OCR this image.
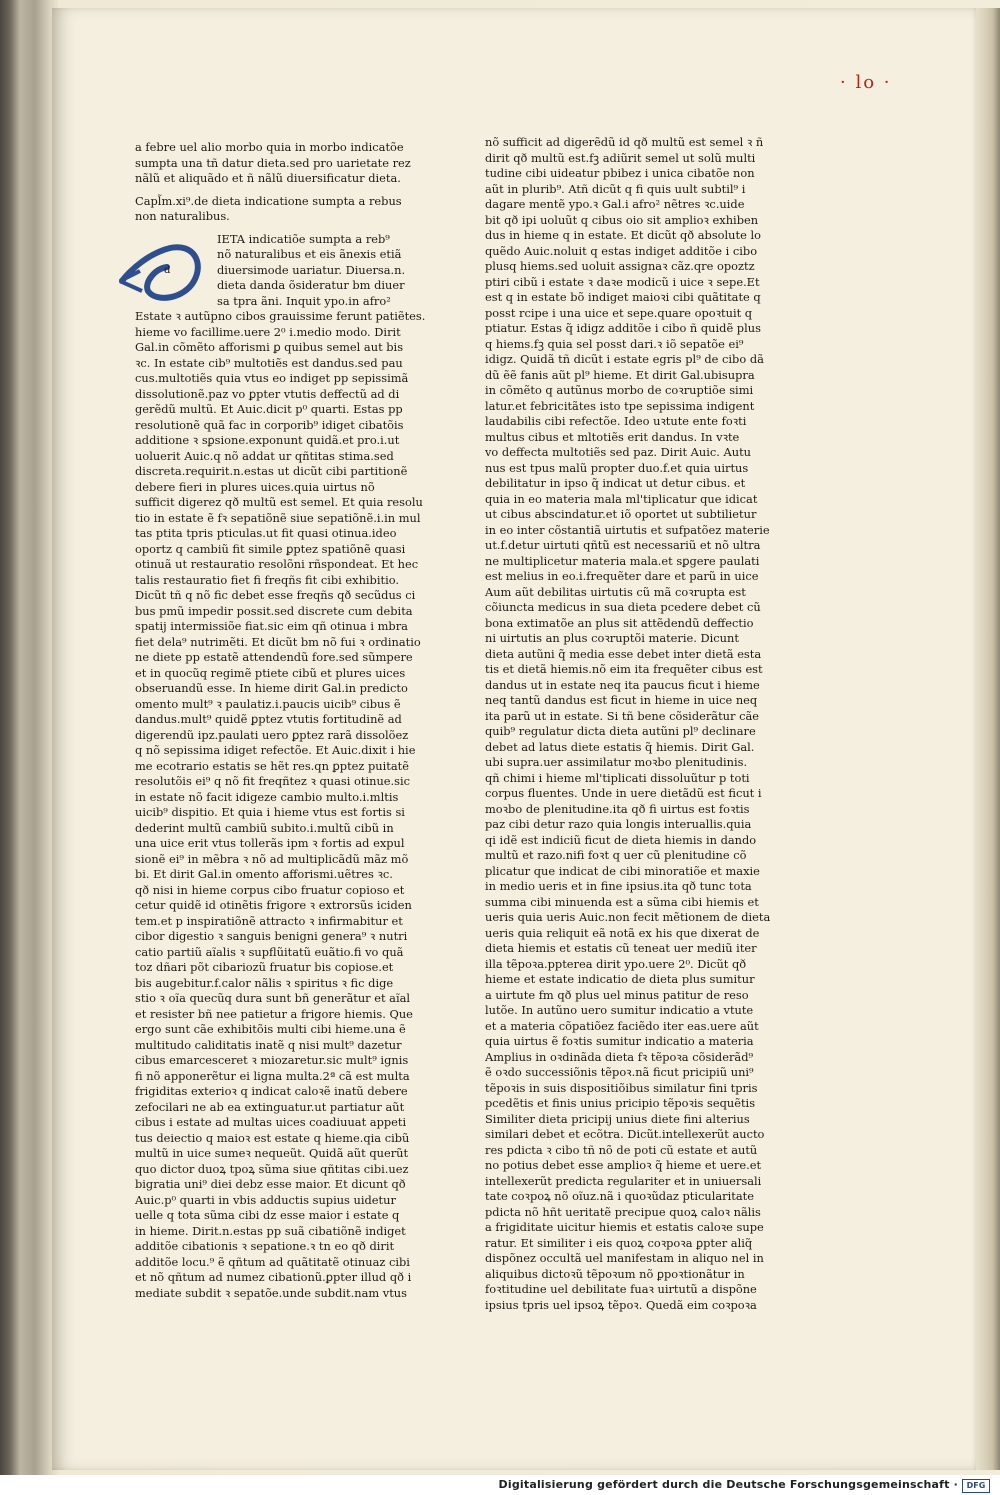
· lo ·
a febre uel alio morbo quia in morbo indicatõe
sumpta una tñ datur dieta.sed pro uarietate rez
nãlũ et aliquãdo et ñ nãlũ diuersificatur dieta.
Capl̃m.xi⁹.de dieta indicatione sumpta a rebus
non naturalibus.
IETA indicatiõe sumpta a reb⁹
nõ naturalibus et eis ãnexis etiã
diuersimode uariatur. Diuersa.n.
dieta danda õsideratur bm diuer
sa tpra ãni. Inquit ypo.in afro²
Estate ꝛ autũpno cibos grauissime ferunt patiẽtes.
hieme vo facillime.uere 2⁰ i.medio modo. Dirit
Gal.in cõmẽto afforismi ꝑ quibus semel aut bis
ꝛc. In estate cib⁹ multotiẽs est dandus.sed pau
cus.multotiẽs quia vtus eo indiget pp sepissimã
dissolutionẽ.paz vo ꝑpter vtutis deffectũ ad di
gerẽdũ multũ. Et Auic.dicit p⁰ quarti. Estas pp
resolutionẽ quã fac in corporib⁹ idiget cibatõis
additione ꝛ sꝑsione.exponunt quidã.et pro.i.ut
uoluerit Auic.q nõ addat ur qñtitas stima.sed
discreta.requirit.n.estas ut dicũt cibi partitionẽ
debere fieri in plures uices.quia uirtus nõ
sufficit digerez qð multũ est semel. Et quia resolu
tio in estate ẽ fꝛ sepatiõnẽ siue sepatiõnẽ.i.in mul
tas ptita tpris pticulas.ut fit quasi otinua.ideo
oportz q cambiũ fit simile ꝑptez spatiõnẽ quasi
otinuã ut restauratio resolõni rñspondeat. Et hec
talis restauratio fiet fi freqñs fit cibi exhibitio.
Dicũt tñ q nõ fic debet esse freqñs qð secũdus ci
bus pmũ impedir possit.sed discrete cum debita
spatij intermissiõe fiat.sic eim qñ otinua i mbra
fiet dela⁹ nutrimẽti. Et dicũt bm nõ fui ꝛ ordinatio
ne diete pp estatẽ attendendũ fore.sed sũmpere
et in quocũq regimẽ ptiete cibũ et plures uices
obseruandũ esse. In hieme dirit Gal.in predicto
omento mult⁹ ꝛ paulatiz.i.paucis uicib⁹ cibus ẽ
dandus.mult⁹ quidẽ ꝑptez vtutis fortitudinẽ ad
digerendũ ipz.paulati uero ꝑptez rarã dissolõez
q nõ sepissima idiget refectõe. Et Auic.dixit i hie
me ecotrario estatis se hẽt res.qn ꝑptez puitatẽ
resolutõis ei⁹ q nõ fit freqñtez ꝛ quasi otinue.sic
in estate nõ facit idigeze cambio multo.i.mltis
uicib⁹ dispitio. Et quia i hieme vtus est fortis si
dederint multũ cambiũ subito.i.multũ cibũ in
una uice erit vtus tollerãs ipm ꝛ fortis ad expul
sionẽ ei⁹ in mẽbra ꝛ nõ ad multiplicãdũ mãz mõ
bi. Et dirit Gal.in omento afforismi.uẽtres ꝛc.
qð nisi in hieme corpus cibo fruatur copioso et
cetur quidẽ id otinẽtis frigore ꝛ extrorsũs iciden
tem.et p inspiratiõnẽ attracto ꝛ infirmabitur et
cibor digestio ꝛ sanguis benigni genera⁹ ꝛ nutri
catio partiũ aĩalis ꝛ supflũitatũ euãtio.fi vo quã
toz dñari põt cibariozũ fruatur bis copiose.et
bis augebitur.f.calor nãlis ꝛ spiritus ꝛ fic dige
stio ꝛ oĩa quecũq dura sunt bñ generãtur et aĩal
et resister bñ nee patietur a frigore hiemis. Que
ergo sunt cãe exhibitõis multi cibi hieme.una ẽ
multitudo caliditatis inatẽ q nisi mult⁹ dazetur
cibus emarcesceret ꝛ miozaretur.sic mult⁹ ignis
fi nõ apponerẽtur ei ligna multa.2ª cã est multa
frigiditas exterioꝛ q indicat caloꝛẽ inatũ debere
zefocilari ne ab ea extinguatur.ut partiatur aũt
cibus i estate ad multas uices coadiuuat appeti
tus deiectio q maioꝛ est estate q hieme.qia cibũ
multũ in uice sumeꝛ nequeũt. Quidã aũt querũt
quo dictor duoꝝ tpoꝝ sũma siue qñtitas cibi.uez
bigratia uni⁹ diei debz esse maior. Et dicunt qð
Auic.p⁰ quarti in vbis adductis supius uidetur
uelle q tota sũma cibi dz esse maior i estate q
in hieme. Dirit.n.estas pp suã cibatiõnẽ indiget
additõe cibationis ꝛ sepatione.ꝛ tn eo qð dirit
additõe locu.⁹ ẽ qñtum ad quãtitatẽ otinuaz cibi
et nõ qñtum ad numez cibationũ.ꝑpter illud qð i
mediate subdit ꝛ sepatõe.unde subdit.nam vtus
nõ sufficit ad digerẽdũ id qð multũ est semel ꝛ ñ
dirit qð multũ est.fꝫ adiũrit semel ut solũ multi
tudine cibi uideatur pbibez i unica cibatõe non
aũt in plurib⁹. Atñ dicũt q fi quis uult subtil⁹ i
dagare mentẽ ypo.ꝛ Gal.i afro² nẽtres ꝛc.uide
bit qð ipi uoluũt q cibus oio sit amplioꝛ exhiben
dus in hieme q in estate. Et dicũt qð absolute lo
quẽdo Auic.noluit q estas indiget additõe i cibo
plusq hiems.sed uoluit assignaꝛ cãz.qre opoztz
ptiri cibũ i estate ꝛ daꝛe modicũ i uice ꝛ sepe.Et
est q in estate bõ indiget maioꝛi cibi quãtitate q
posst rcipe i una uice et sepe.quare opoꝛtuit q
ptiatur. Estas q̃ idigz additõe i cibo ñ quidẽ plus
q hiems.fꝫ quia sel posst dari.ꝛ iõ sepatõe ei⁹
idigz. Quidã tñ dicũt i estate egris pl⁹ de cibo dã
dũ ẽẽ fanis aũt pl⁹ hieme. Et dirit Gal.ubisupra
in cõmẽto q autũnus morbo de coꝛruptiõe simi
latur.et febricitãtes isto tpe sepissima indigent
laudabilis cibi refectõe. Ideo uꝛtute ente foꝛti
multus cibus et mltotiẽs erit dandus. In vꝛte
vo deffecta multotiẽs sed paz. Dirit Auic. Autu
nus est tpus malũ propter duo.f.et quia uirtus
debilitatur in ipso q̃ indicat ut detur cibus. et
quia in eo materia mala ml'tiplicatur que idicat
ut cibus abscindatur.et iõ oportet ut subtilietur
in eo inter cõstantiã uirtutis et sufpatõez materie
ut.f.detur uirtuti qñtũ est necessariũ et nõ ultra
ne multiplicetur materia mala.et sꝑgere paulati
est melius in eo.i.frequẽter dare et parũ in uice
Aum aũt debilitas uirtutis cũ mã coꝛrupta est
cõiuncta medicus in sua dieta pcedere debet cũ
bona extimatõe an plus sit attẽdendũ deffectio
ni uirtutis an plus coꝛruptõi materie. Dicunt
dieta autũni q̃ media esse debet inter dietã esta
tis et dietã hiemis.nõ eim ita frequẽter cibus est
dandus ut in estate neq ita paucus ficut i hieme
neq tantũ dandus est ficut in hieme in uice neq
ita parũ ut in estate. Si tñ bene cõsiderãtur cãe
quib⁹ regulatur dicta dieta autũni pl⁹ declinare
debet ad latus diete estatis q̃ hiemis. Dirit Gal.
ubi supra.uer assimilatur moꝛbo plenitudinis.
qñ chimi i hieme ml'tiplicati dissoluũtur p toti
corpus fluentes. Unde in uere dietãdũ est ficut i
moꝛbo de plenitudine.ita qð fi uirtus est foꝛtis
paz cibi detur razo quia longis interuallis.quia
qi idẽ est indiciũ ficut de dieta hiemis in dando
multũ et razo.nifi foꝛt q uer cũ plenitudine cõ
plicatur que indicat de cibi minoratiõe et maxie
in medio ueris et in fine ipsius.ita qð tunc tota
summa cibi minuenda est a sũma cibi hiemis et
ueris quia ueris Auic.non fecit mẽtionem de dieta
ueris quia reliquit eã notã ex his que dixerat de
dieta hiemis et estatis cũ teneat uer mediũ iter
illa tẽpoꝛa.ppterea dirit ypo.uere 2⁰. Dicũt qð
hieme et estate indicatio de dieta plus sumitur
a uirtute fm qð plus uel minus patitur de reso
lutõe. In autũno uero sumitur indicatio a vtute
et a materia cõpatiõez faciẽdo iter eas.uere aũt
quia uirtus ẽ foꝛtis sumitur indicatio a materia
Amplius in oꝛdinãda dieta fꝛ tẽpoꝛa cõsiderãd⁹
ẽ oꝛdo successiõnis tẽpoꝛ.nã ficut pricipiũ uni⁹
tẽpoꝛis in suis dispositiõibus similatur fini tpris
pcedẽtis et finis unius pricipio tẽpoꝛis sequẽtis
Similiter dieta pricipij unius diete fini alterius
similari debet et ecõtra. Dicũt.intellexerũt aucto
res pdicta ꝛ cibo tñ nõ de poti cũ estate et autũ
no potius debet esse amplioꝛ q̃ hieme et uere.et
intellexerũt predicta regulariter et in uniuersali
tate coꝛpoꝝ nõ oĩuz.nã i quoꝛũdaz pticularitate
pdicta nõ hñt ueritatẽ precipue quoꝝ caloꝛ nãlis
a frigiditate uicitur hiemis et estatis caloꝛe supe
ratur. Et similiter i eis quoꝝ coꝛpoꝛa ꝑpter aliq̃
dispõnez occultã uel manifestam in aliquo nel in
aliquibus dictoꝛũ tẽpoꝛum nõ ꝑpoꝛtionãtur in
foꝛtitudine uel debilitate fuaꝛ uirtutũ a dispõne
ipsius tpris uel ipsoꝝ tẽpoꝛ. Quedã eim coꝛpoꝛa
d
Digitalisierung gefördert durch die Deutsche Forschungsgemeinschaft ·	DFG
